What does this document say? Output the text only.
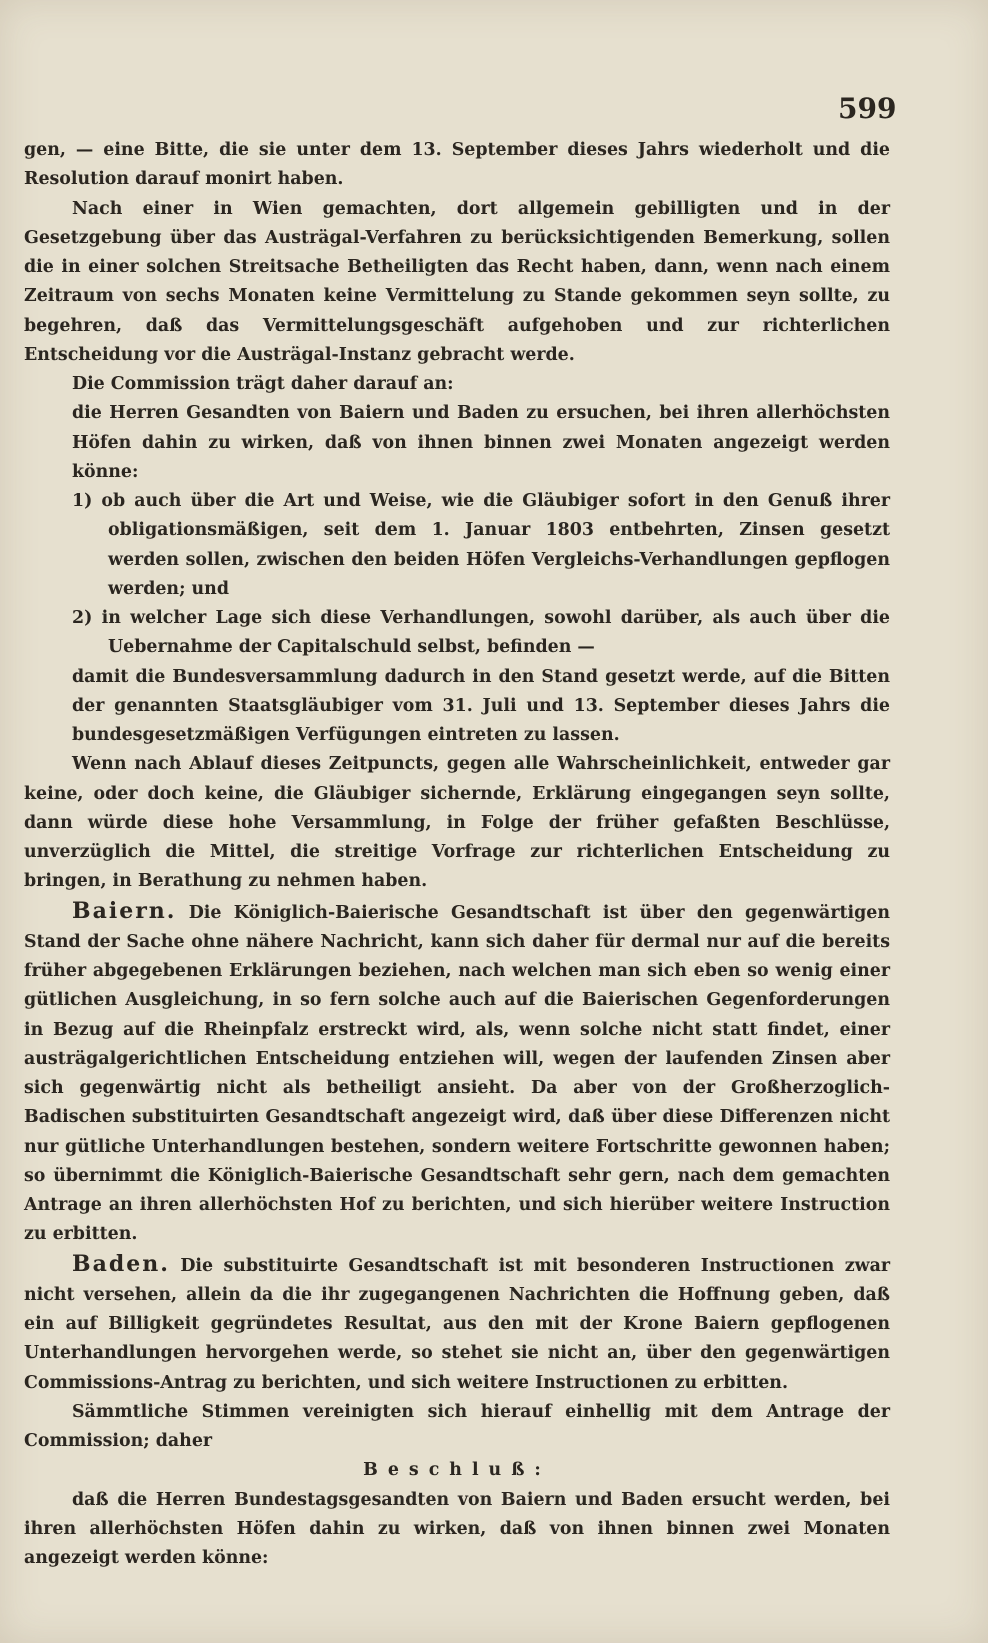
599

gen, — eine Bitte, die sie unter dem 13. September dieses Jahrs wiederholt und die Resolution darauf monirt haben.

Nach einer in Wien gemachten, dort allgemein gebilligten und in der Gesetzgebung über das Austrägal-Verfahren zu berücksichtigenden Bemerkung, sollen die in einer solchen Streitsache Betheiligten das Recht haben, dann, wenn nach einem Zeitraum von sechs Monaten keine Vermittelung zu Stande gekommen seyn sollte, zu begehren, daß das Vermittelungsgeschäft aufgehoben und zur richterlichen Entscheidung vor die Austrägal-Instanz gebracht werde.

Die Commission trägt daher darauf an:

die Herren Gesandten von Baiern und Baden zu ersuchen, bei ihren allerhöchsten Höfen dahin zu wirken, daß von ihnen binnen zwei Monaten angezeigt werden könne:

1) ob auch über die Art und Weise, wie die Gläubiger sofort in den Genuß ihrer obligationsmäßigen, seit dem 1. Januar 1803 entbehrten, Zinsen gesetzt werden sollen, zwischen den beiden Höfen Vergleichs-Verhandlungen gepflogen werden; und

2) in welcher Lage sich diese Verhandlungen, sowohl darüber, als auch über die Uebernahme der Capitalschuld selbst, befinden —

damit die Bundesversammlung dadurch in den Stand gesetzt werde, auf die Bitten der genannten Staatsgläubiger vom 31. Juli und 13. September dieses Jahrs die bundesgesetzmäßigen Verfügungen eintreten zu lassen.

Wenn nach Ablauf dieses Zeitpuncts, gegen alle Wahrscheinlichkeit, entweder gar keine, oder doch keine, die Gläubiger sichernde, Erklärung eingegangen seyn sollte, dann würde diese hohe Versammlung, in Folge der früher gefaßten Beschlüsse, unverzüglich die Mittel, die streitige Vorfrage zur richterlichen Entscheidung zu bringen, in Berathung zu nehmen haben.

Baiern. Die Königlich-Baierische Gesandtschaft ist über den gegenwärtigen Stand der Sache ohne nähere Nachricht, kann sich daher für dermal nur auf die bereits früher abgegebenen Erklärungen beziehen, nach welchen man sich eben so wenig einer gütlichen Ausgleichung, in so fern solche auch auf die Baierischen Gegenforderungen in Bezug auf die Rheinpfalz erstreckt wird, als, wenn solche nicht statt findet, einer austrägalgerichtlichen Entscheidung entziehen will, wegen der laufenden Zinsen aber sich gegenwärtig nicht als betheiligt ansieht. Da aber von der Großherzoglich-Badischen substituirten Gesandtschaft angezeigt wird, daß über diese Differenzen nicht nur gütliche Unterhandlungen bestehen, sondern weitere Fortschritte gewonnen haben; so übernimmt die Königlich-Baierische Gesandtschaft sehr gern, nach dem gemachten Antrage an ihren allerhöchsten Hof zu berichten, und sich hierüber weitere Instruction zu erbitten.

Baden. Die substituirte Gesandtschaft ist mit besonderen Instructionen zwar nicht versehen, allein da die ihr zugegangenen Nachrichten die Hoffnung geben, daß ein auf Billigkeit gegründetes Resultat, aus den mit der Krone Baiern gepflogenen Unterhandlungen hervorgehen werde, so stehet sie nicht an, über den gegenwärtigen Commissions-Antrag zu berichten, und sich weitere Instructionen zu erbitten.

Sämmtliche Stimmen vereinigten sich hierauf einhellig mit dem Antrage der Commission; daher

Beschluß:

daß die Herren Bundestagsgesandten von Baiern und Baden ersucht werden, bei ihren allerhöchsten Höfen dahin zu wirken, daß von ihnen binnen zwei Monaten angezeigt werden könne:
